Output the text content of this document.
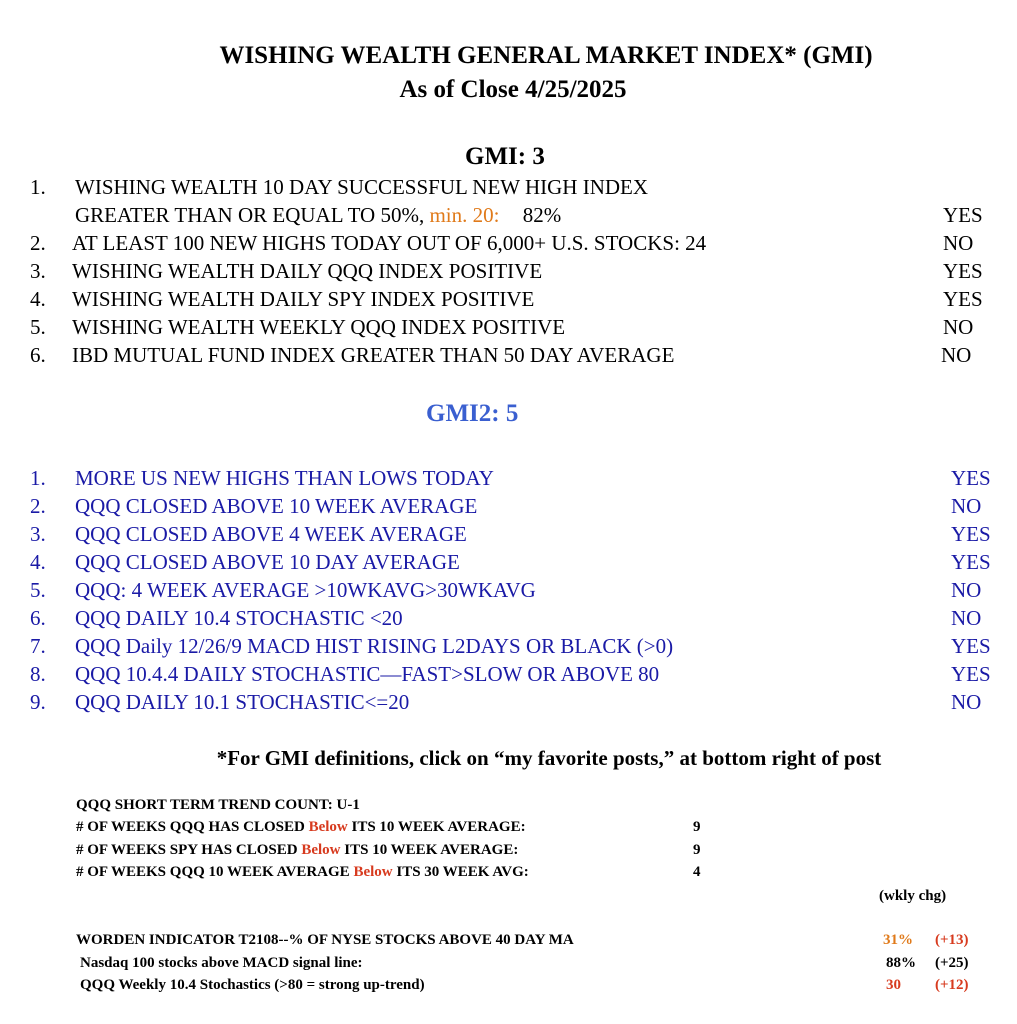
WISHING WEALTH GENERAL MARKET INDEX* (GMI)
As of Close 4/25/2025
GMI: 3
1. WISHING WEALTH 10 DAY SUCCESSFUL NEW HIGH INDEX
GREATER THAN OR EQUAL TO 50%, min. 20: 82%	YES
2. AT LEAST 100 NEW HIGHS TODAY OUT OF 6,000+ U.S. STOCKS: 24	NO
3. WISHING WEALTH DAILY QQQ INDEX POSITIVE	YES
4. WISHING WEALTH DAILY SPY INDEX POSITIVE	YES
5. WISHING WEALTH WEEKLY QQQ INDEX POSITIVE	NO
6. IBD MUTUAL FUND INDEX GREATER THAN 50 DAY AVERAGE	NO
GMI2: 5
1. MORE US NEW HIGHS THAN LOWS TODAY	YES
2. QQQ CLOSED ABOVE 10 WEEK AVERAGE	NO
3. QQQ CLOSED ABOVE 4 WEEK AVERAGE	YES
4. QQQ CLOSED ABOVE 10 DAY AVERAGE	YES
5. QQQ: 4 WEEK AVERAGE >10WKAVG>30WKAVG	NO
6. QQQ DAILY 10.4 STOCHASTIC <20	NO
7. QQQ Daily 12/26/9 MACD HIST RISING L2DAYS OR BLACK (>0)	YES
8. QQQ 10.4.4 DAILY STOCHASTIC—FAST>SLOW OR ABOVE 80	YES
9. QQQ DAILY 10.1 STOCHASTIC<=20	NO
*For GMI definitions, click on “my favorite posts,” at bottom right of post
QQQ SHORT TERM TREND COUNT: U-1
# OF WEEKS QQQ HAS CLOSED Below ITS 10 WEEK AVERAGE:	9
# OF WEEKS SPY HAS CLOSED Below ITS 10 WEEK AVERAGE:	9
# OF WEEKS QQQ 10 WEEK AVERAGE Below ITS 30 WEEK AVG:	4
(wkly chg)
WORDEN INDICATOR T2108--% OF NYSE STOCKS ABOVE 40 DAY MA	31% (+13)
Nasdaq 100 stocks above MACD signal line:	88% (+25)
QQQ Weekly 10.4 Stochastics (>80 = strong up-trend)	30 (+12)
